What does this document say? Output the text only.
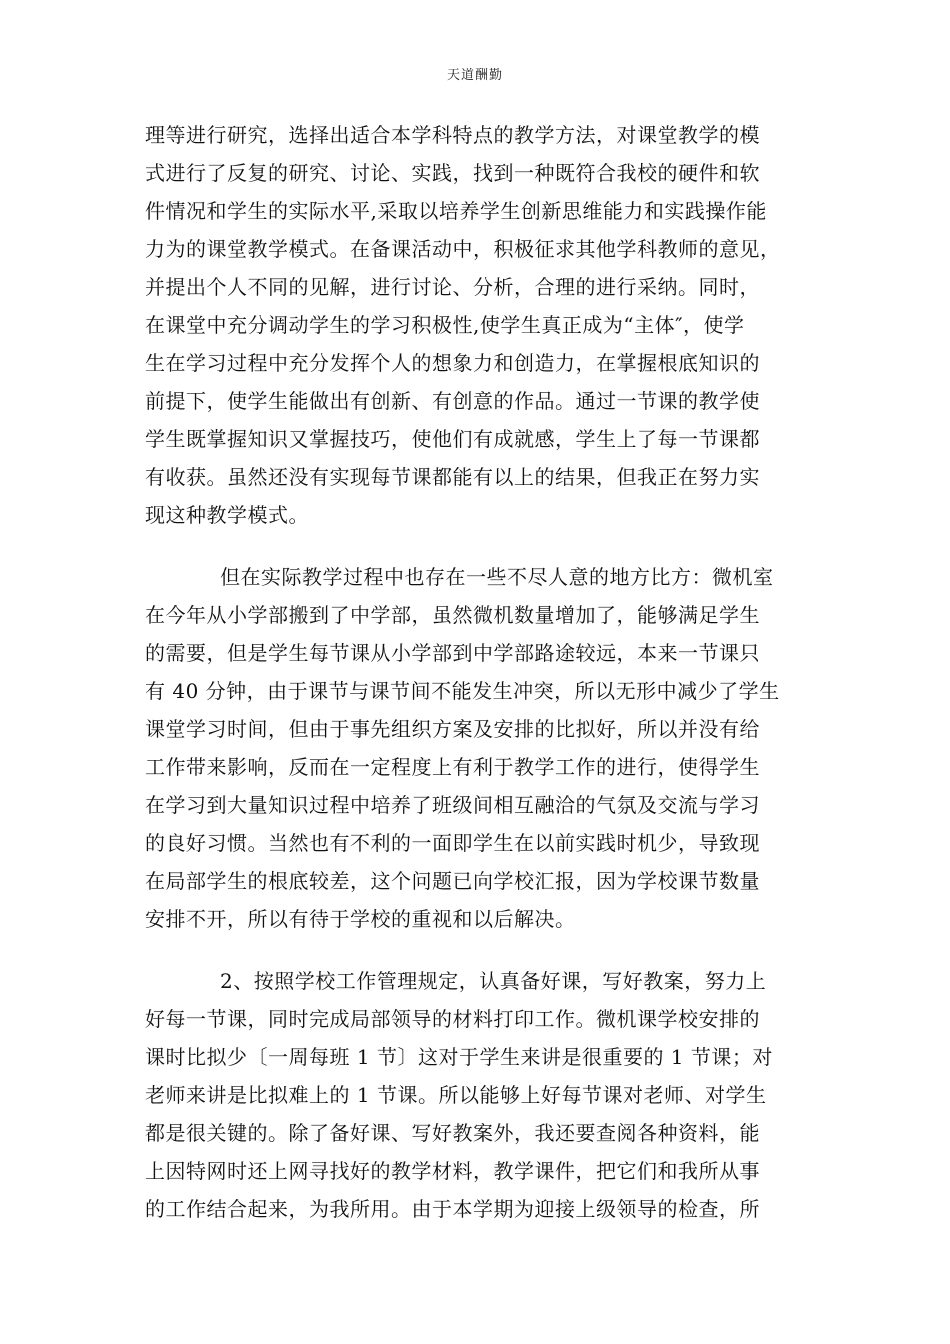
天道酬勤
理等进行研究，选择出适合本学科特点的教学方法，对课堂教学的模
式进行了反复的研究、讨论、实践，找到一种既符合我校的硬件和软
件情况和学生的实际水平,采取以培养学生创新思维能力和实践操作能
力为的课堂教学模式。在备课活动中，积极征求其他学科教师的意见，
并提出个人不同的见解，进行讨论、分析，合理的进行采纳。同时，
在课堂中充分调动学生的学习积极性,使学生真正成为“主体″，使学
生在学习过程中充分发挥个人的想象力和创造力，在掌握根底知识的
前提下，使学生能做出有创新、有创意的作品。通过一节课的教学使
学生既掌握知识又掌握技巧，使他们有成就感，学生上了每一节课都
有收获。虽然还没有实现每节课都能有以上的结果，但我正在努力实
现这种教学模式。
但在实际教学过程中也存在一些不尽人意的地方比方：微机室
在今年从小学部搬到了中学部，虽然微机数量增加了，能够满足学生
的需要，但是学生每节课从小学部到中学部路途较远，本来一节课只
有 40 分钟，由于课节与课节间不能发生冲突，所以无形中减少了学生
课堂学习时间，但由于事先组织方案及安排的比拟好，所以并没有给
工作带来影响，反而在一定程度上有利于教学工作的进行，使得学生
在学习到大量知识过程中培养了班级间相互融洽的气氛及交流与学习
的良好习惯。当然也有不利的一面即学生在以前实践时机少，导致现
在局部学生的根底较差，这个问题已向学校汇报，因为学校课节数量
安排不开，所以有待于学校的重视和以后解决。
2、按照学校工作管理规定，认真备好课，写好教案，努力上
好每一节课，同时完成局部领导的材料打印工作。微机课学校安排的
课时比拟少〔一周每班 1 节〕这对于学生来讲是很重要的 1 节课；对
老师来讲是比拟难上的 1 节课。所以能够上好每节课对老师、对学生
都是很关键的。除了备好课、写好教案外，我还要查阅各种资料，能
上因特网时还上网寻找好的教学材料，教学课件，把它们和我所从事
的工作结合起来，为我所用。由于本学期为迎接上级领导的检查，所
